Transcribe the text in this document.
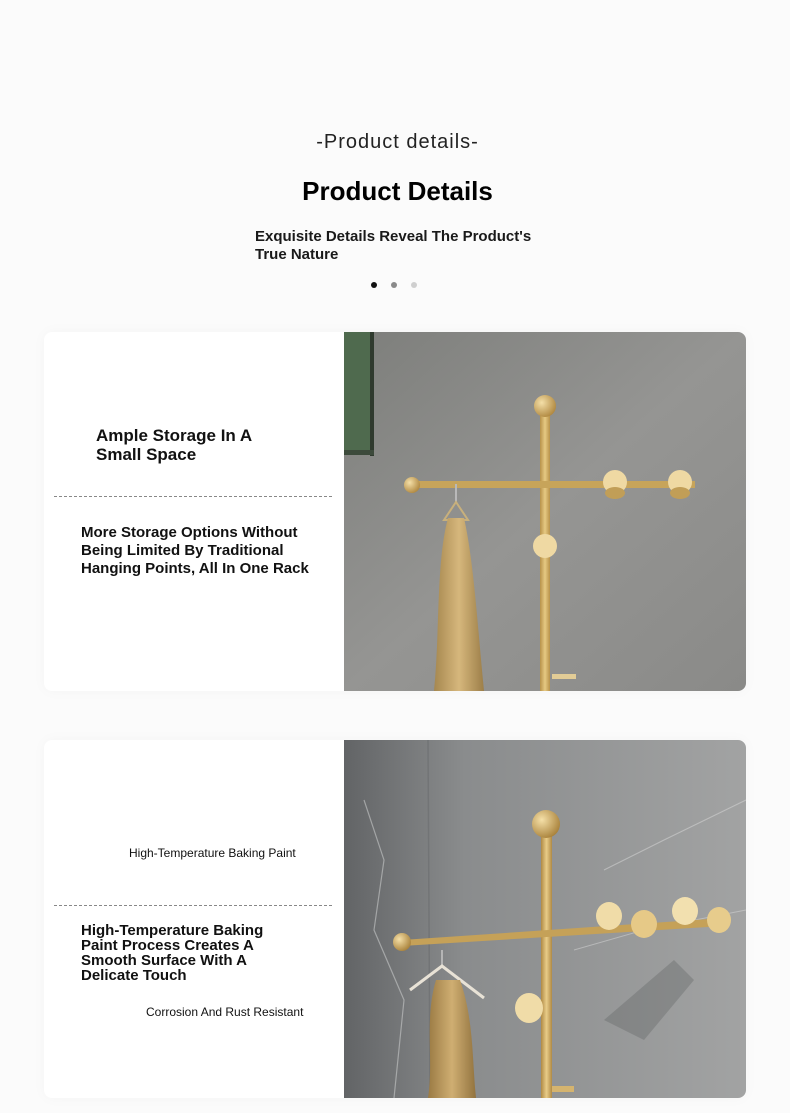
-Product details-
Product Details
Exquisite Details Reveal The Product's True Nature
Ample Storage In A Small Space
More Storage Options Without Being Limited By Traditional Hanging Points, All In One Rack
High-Temperature Baking Paint
High-Temperature Baking Paint Process Creates A Smooth Surface With A Delicate Touch
Corrosion And Rust Resistant
